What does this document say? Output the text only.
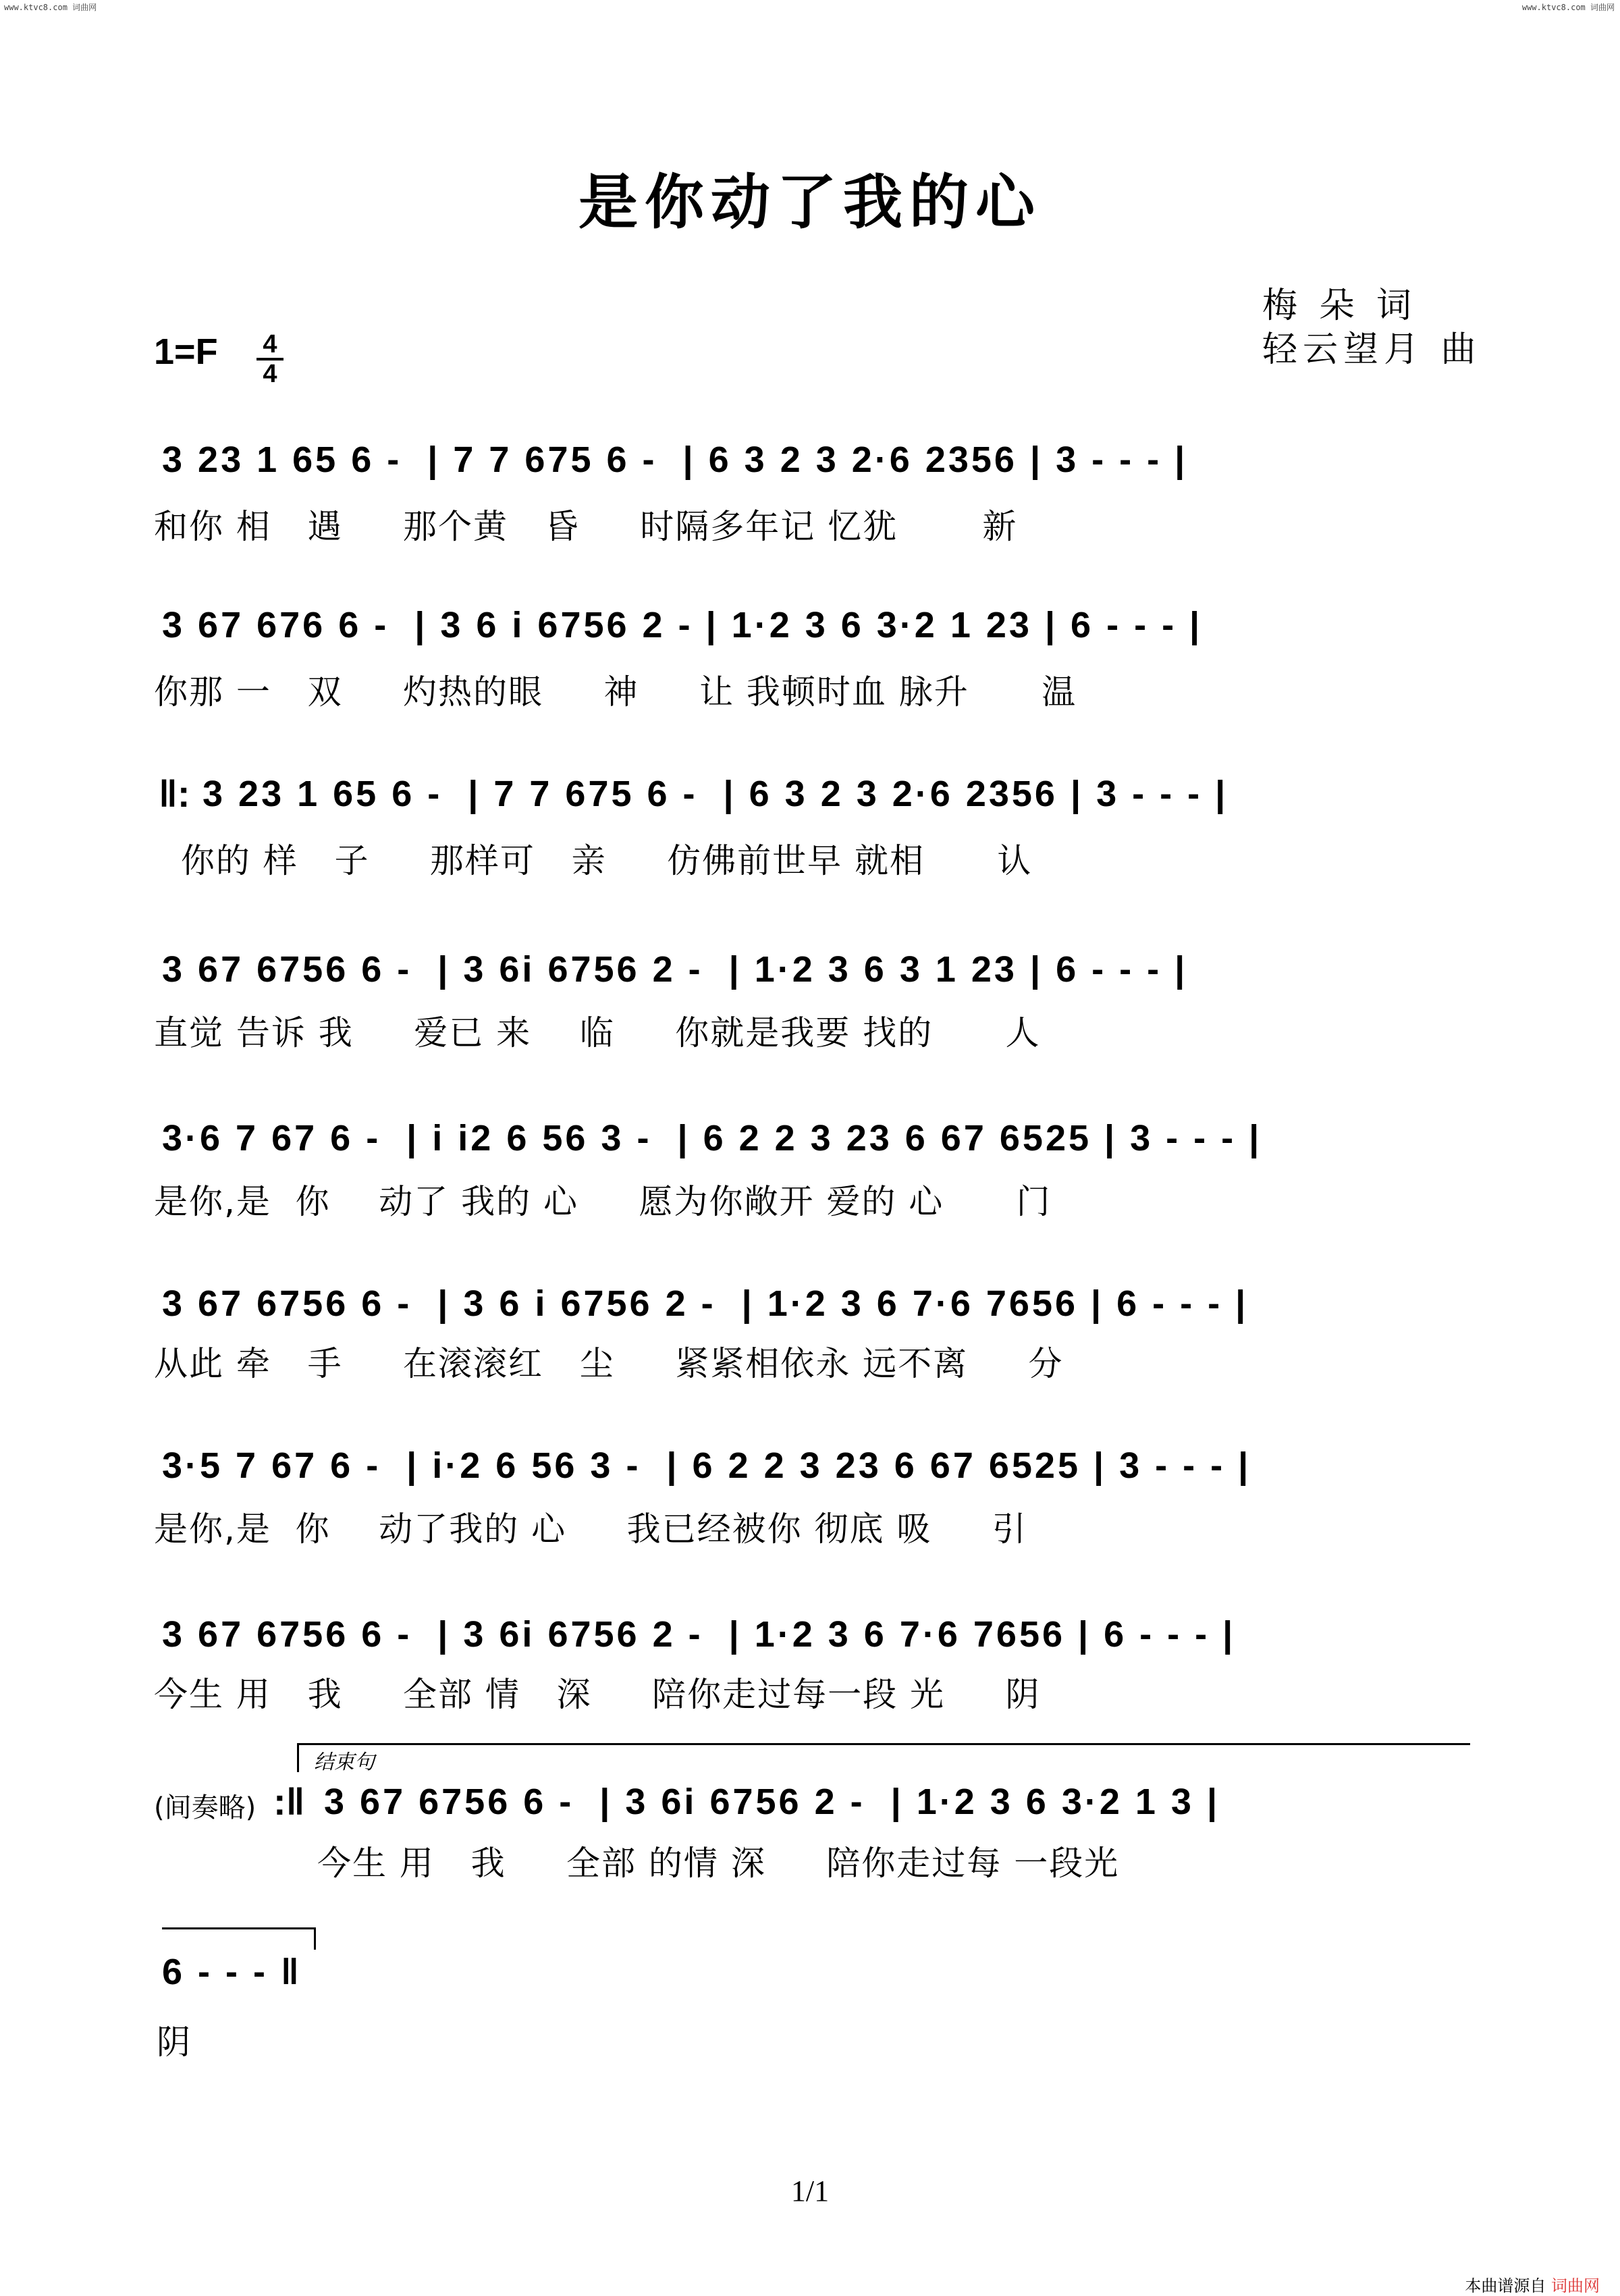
www.ktvc8.com 词曲网	www.ktvc8.com 词曲网
是你动了我的心
梅 朵 词
轻云望月 曲
1=F 4
4
3 23 1 65 6 -  | 7 7 675 6 -  | 6 3 2 3 2·6 2356 | 3 - - - |
和你 相   遇     那个黄   昏     时隔多年记 忆犹       新
3 67 676 6 -  | 3 6 i 6756 2 - | 1·2 3 6 3·2 1 23 | 6 - - - |
你那 一   双     灼热的眼     神     让 我顿时血 脉升      温
‖: 3 23 1 65 6 -  | 7 7 675 6 -  | 6 3 2 3 2·6 2356 | 3 - - - |
你的 样   子     那样可   亲     仿佛前世早 就相      认
3 67 6756 6 -  | 3 6i 6756 2 -  | 1·2 3 6 3 1 23 | 6 - - - |
直觉 告诉 我     爱已 来    临     你就是我要 找的      人
3·6 7 67 6 -  | i i2 6 56 3 -  | 6 2 2 3 23 6 67 6525 | 3 - - - |
是你,是  你    动了 我的 心     愿为你敞开 爱的 心      门
3 67 6756 6 -  | 3 6 i 6756 2 -  | 1·2 3 6 7·6 7656 | 6 - - - |
从此 牵   手     在滚滚红   尘     紧紧相依永 远不离     分
3·5 7 67 6 -  | i·2 6 56 3 -  | 6 2 2 3 23 6 67 6525 | 3 - - - |
是你,是  你    动了我的 心     我已经被你 彻底 吸     引
3 67 6756 6 -  | 3 6i 6756 2 -  | 1·2 3 6 7·6 7656 | 6 - - - |
今生 用   我     全部 情   深     陪你走过每一段 光     阴
结束句
(间奏略) :‖ 3 67 6756 6 -  | 3 6i 6756 2 -  | 1·2 3 6 3·2 1 3 |
今生 用   我     全部 的情 深     陪你走过每 一段光
6 - - - ‖
阴
1/1
本曲谱源自 词曲网
